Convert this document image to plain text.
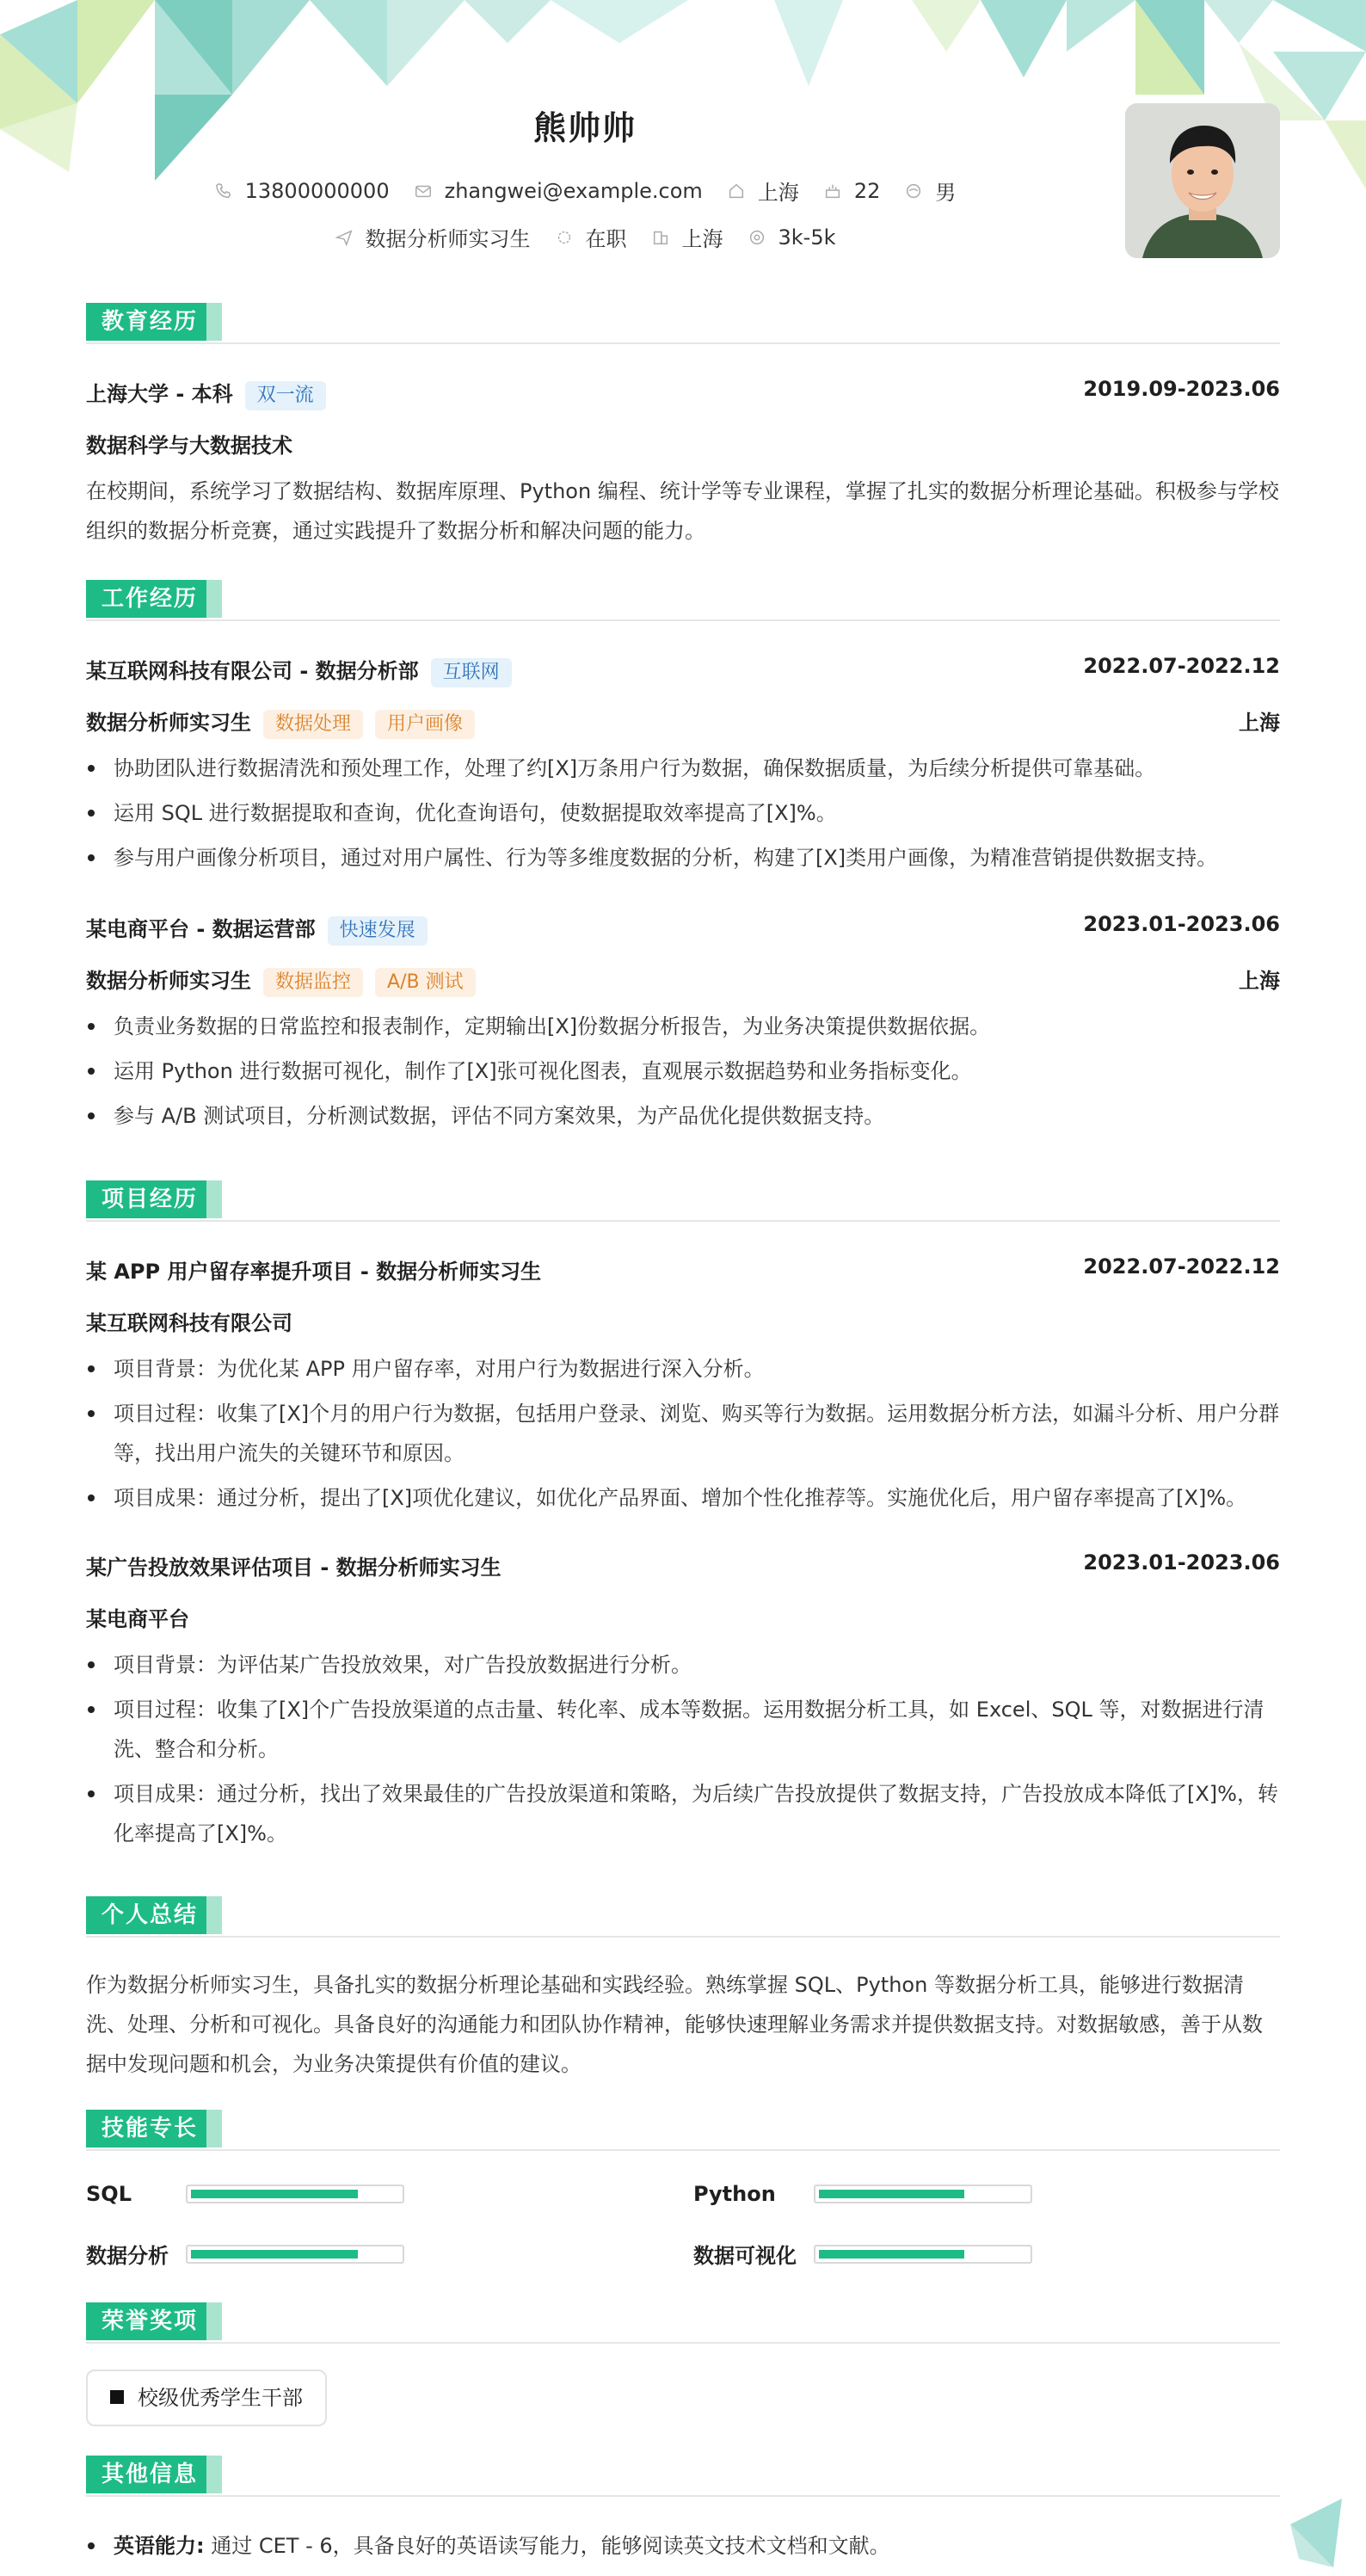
熊帅帅
13800000000	zhangwei@example.com	上海	22	男
数据分析师实习生	在职	上海	3k-5k
教育经历
上海大学 - 本科 双一流	2019.09-2023.06
数据科学与大数据技术
在校期间，系统学习了数据结构、数据库原理、Python 编程、统计学等专业课程，掌握了扎实的数据分析理论基础。积极参与学校组织的数据分析竞赛，通过实践提升了数据分析和解决问题的能力。
工作经历
某互联网科技有限公司 - 数据分析部 互联网	2022.07-2022.12
数据分析师实习生 数据处理 用户画像	上海
协助团队进行数据清洗和预处理工作，处理了约[X]万条用户行为数据，确保数据质量，为后续分析提供可靠基础。
运用 SQL 进行数据提取和查询，优化查询语句，使数据提取效率提高了[X]%。
参与用户画像分析项目，通过对用户属性、行为等多维度数据的分析，构建了[X]类用户画像，为精准营销提供数据支持。
某电商平台 - 数据运营部 快速发展	2023.01-2023.06
数据分析师实习生 数据监控 A/B 测试	上海
负责业务数据的日常监控和报表制作，定期输出[X]份数据分析报告，为业务决策提供数据依据。
运用 Python 进行数据可视化，制作了[X]张可视化图表，直观展示数据趋势和业务指标变化。
参与 A/B 测试项目，分析测试数据，评估不同方案效果，为产品优化提供数据支持。
项目经历
某 APP 用户留存率提升项目 - 数据分析师实习生	2022.07-2022.12
某互联网科技有限公司
项目背景：为优化某 APP 用户留存率，对用户行为数据进行深入分析。
项目过程：收集了[X]个月的用户行为数据，包括用户登录、浏览、购买等行为数据。运用数据分析方法，如漏斗分析、用户分群等，找出用户流失的关键环节和原因。
项目成果：通过分析，提出了[X]项优化建议，如优化产品界面、增加个性化推荐等。实施优化后，用户留存率提高了[X]%。
某广告投放效果评估项目 - 数据分析师实习生	2023.01-2023.06
某电商平台
项目背景：为评估某广告投放效果，对广告投放数据进行分析。
项目过程：收集了[X]个广告投放渠道的点击量、转化率、成本等数据。运用数据分析工具，如 Excel、SQL 等，对数据进行清洗、整合和分析。
项目成果：通过分析，找出了效果最佳的广告投放渠道和策略，为后续广告投放提供了数据支持，广告投放成本降低了[X]%，转化率提高了[X]%。
个人总结
作为数据分析师实习生，具备扎实的数据分析理论基础和实践经验。熟练掌握 SQL、Python 等数据分析工具，能够进行数据清洗、处理、分析和可视化。具备良好的沟通能力和团队协作精神，能够快速理解业务需求并提供数据支持。对数据敏感，善于从数据中发现问题和机会，为业务决策提供有价值的建议。
技能专长
SQL	Python
数据分析	数据可视化
荣誉奖项
校级优秀学生干部
其他信息
英语能力: 通过 CET - 6，具备良好的英语读写能力，能够阅读英文技术文档和文献。
